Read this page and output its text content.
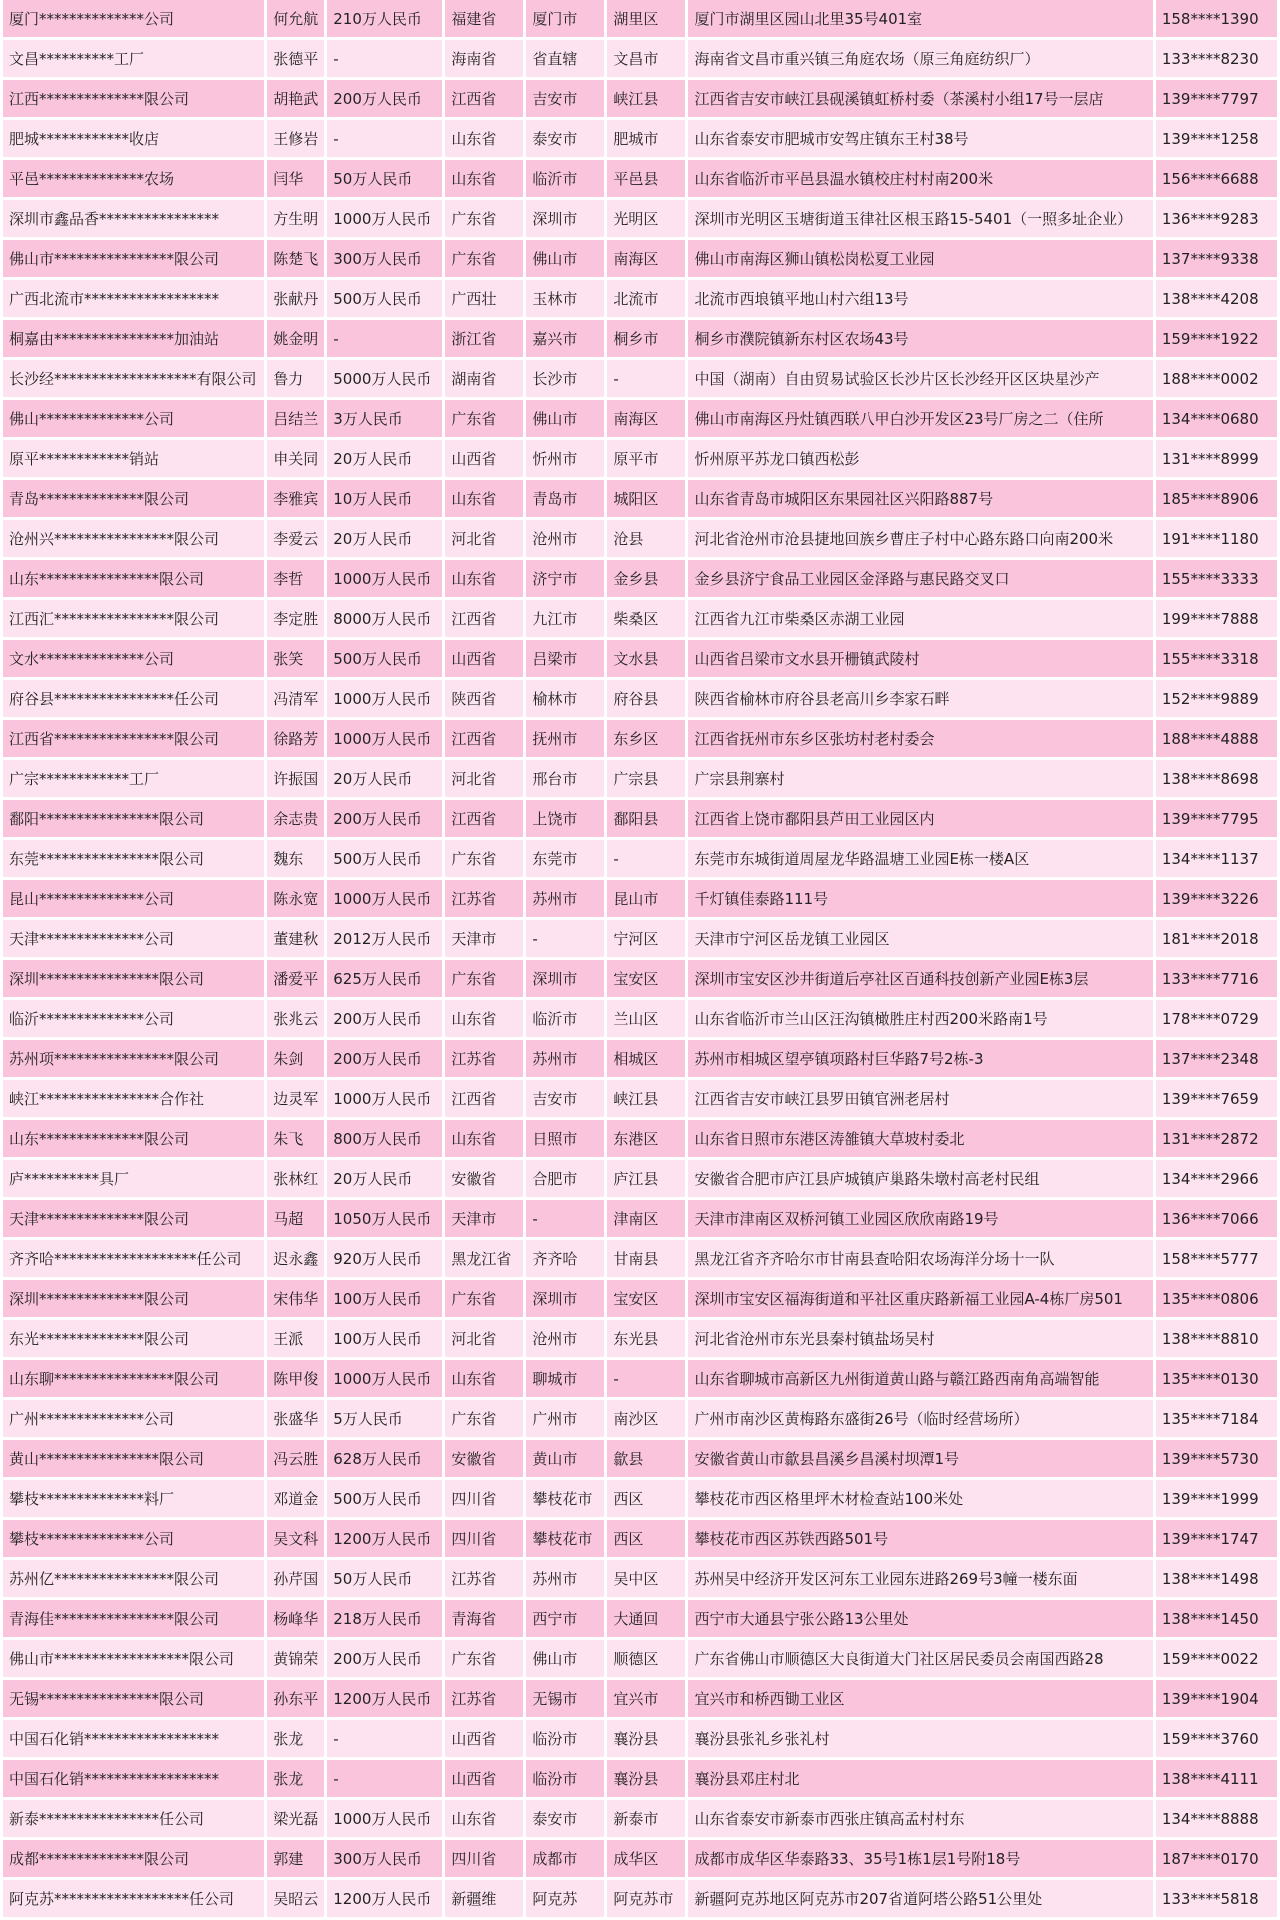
厦门**************公司	何允航	210万人民币	福建省	厦门市	湖里区	厦门市湖里区园山北里35号401室	158****1390
文昌**********工厂	张德平	-	海南省	省直辖	文昌市	海南省文昌市重兴镇三角庭农场（原三角庭纺织厂）	133****8230
江西**************限公司	胡艳武	200万人民币	江西省	吉安市	峡江县	江西省吉安市峡江县砚溪镇虹桥村委（茶溪村小组17号一层店	139****7797
肥城************收店	王修岩	-	山东省	泰安市	肥城市	山东省泰安市肥城市安驾庄镇东王村38号	139****1258
平邑**************农场	闫华	50万人民币	山东省	临沂市	平邑县	山东省临沂市平邑县温水镇校庄村村南200米	156****6688
深圳市鑫品香****************	方生明	1000万人民币	广东省	深圳市	光明区	深圳市光明区玉塘街道玉律社区根玉路15-5401（一照多址企业）	136****9283
佛山市****************限公司	陈楚飞	300万人民币	广东省	佛山市	南海区	佛山市南海区狮山镇松岗松夏工业园	137****9338
广西北流市******************	张献丹	500万人民币	广西壮	玉林市	北流市	北流市西埌镇平地山村六组13号	138****4208
桐嘉由****************加油站	姚金明	-	浙江省	嘉兴市	桐乡市	桐乡市濮院镇新东村区农场43号	159****1922
长沙经*******************有限公司	鲁力	5000万人民币	湖南省	长沙市	-	中国（湖南）自由贸易试验区长沙片区长沙经开区区块星沙产	188****0002
佛山**************公司	吕结兰	3万人民币	广东省	佛山市	南海区	佛山市南海区丹灶镇西联八甲白沙开发区23号厂房之二（住所	134****0680
原平************销站	申关同	20万人民币	山西省	忻州市	原平市	忻州原平苏龙口镇西松彭	131****8999
青岛**************限公司	李雅宾	10万人民币	山东省	青岛市	城阳区	山东省青岛市城阳区东果园社区兴阳路887号	185****8906
沧州兴****************限公司	李爱云	20万人民币	河北省	沧州市	沧县	河北省沧州市沧县捷地回族乡曹庄子村中心路东路口向南200米	191****1180
山东****************限公司	李哲	1000万人民币	山东省	济宁市	金乡县	金乡县济宁食品工业园区金泽路与惠民路交叉口	155****3333
江西汇****************限公司	李定胜	8000万人民币	江西省	九江市	柴桑区	江西省九江市柴桑区赤湖工业园	199****7888
文水**************公司	张笑	500万人民币	山西省	吕梁市	文水县	山西省吕梁市文水县开栅镇武陵村	155****3318
府谷县****************任公司	冯清军	1000万人民币	陕西省	榆林市	府谷县	陕西省榆林市府谷县老高川乡李家石畔	152****9889
江西省****************限公司	徐路芳	1000万人民币	江西省	抚州市	东乡区	江西省抚州市东乡区张坊村老村委会	188****4888
广宗************工厂	许振国	20万人民币	河北省	邢台市	广宗县	广宗县荆寨村	138****8698
鄱阳****************限公司	余志贵	200万人民币	江西省	上饶市	鄱阳县	江西省上饶市鄱阳县芦田工业园区内	139****7795
东莞****************限公司	魏东	500万人民币	广东省	东莞市	-	东莞市东城街道周屋龙华路温塘工业园E栋一楼A区	134****1137
昆山**************公司	陈永宽	1000万人民币	江苏省	苏州市	昆山市	千灯镇佳泰路111号	139****3226
天津**************公司	董建秋	2012万人民币	天津市	-	宁河区	天津市宁河区岳龙镇工业园区	181****2018
深圳****************限公司	潘爱平	625万人民币	广东省	深圳市	宝安区	深圳市宝安区沙井街道后亭社区百通科技创新产业园E栋3层	133****7716
临沂**************公司	张兆云	200万人民币	山东省	临沂市	兰山区	山东省临沂市兰山区汪沟镇橄胜庄村西200米路南1号	178****0729
苏州项****************限公司	朱剑	200万人民币	江苏省	苏州市	相城区	苏州市相城区望亭镇项路村巨华路7号2栋-3	137****2348
峡江****************合作社	边灵军	1000万人民币	江西省	吉安市	峡江县	江西省吉安市峡江县罗田镇官洲老居村	139****7659
山东**************限公司	朱飞	800万人民币	山东省	日照市	东港区	山东省日照市东港区涛雒镇大草坡村委北	131****2872
庐**********具厂	张林红	20万人民币	安徽省	合肥市	庐江县	安徽省合肥市庐江县庐城镇庐巢路朱墩村高老村民组	134****2966
天津**************限公司	马超	1050万人民币	天津市	-	津南区	天津市津南区双桥河镇工业园区欣欣南路19号	136****7066
齐齐哈*******************任公司	迟永鑫	920万人民币	黑龙江省	齐齐哈	甘南县	黑龙江省齐齐哈尔市甘南县查哈阳农场海洋分场十一队	158****5777
深圳**************限公司	宋伟华	100万人民币	广东省	深圳市	宝安区	深圳市宝安区福海街道和平社区重庆路新福工业园A-4栋厂房501	135****0806
东光**************限公司	王派	100万人民币	河北省	沧州市	东光县	河北省沧州市东光县秦村镇盐场吴村	138****8810
山东聊****************限公司	陈甲俊	1000万人民币	山东省	聊城市	-	山东省聊城市高新区九州街道黄山路与赣江路西南角高端智能	135****0130
广州**************公司	张盛华	5万人民币	广东省	广州市	南沙区	广州市南沙区黄梅路东盛街26号（临时经营场所）	135****7184
黄山****************限公司	冯云胜	628万人民币	安徽省	黄山市	歙县	安徽省黄山市歙县昌溪乡昌溪村坝潭1号	139****5730
攀枝**************料厂	邓道金	500万人民币	四川省	攀枝花市	西区	攀枝花市西区格里坪木材检查站100米处	139****1999
攀枝**************公司	吴文科	1200万人民币	四川省	攀枝花市	西区	攀枝花市西区苏铁西路501号	139****1747
苏州亿****************限公司	孙芹国	50万人民币	江苏省	苏州市	吴中区	苏州吴中经济开发区河东工业园东进路269号3幢一楼东面	138****1498
青海佳****************限公司	杨峰华	218万人民币	青海省	西宁市	大通回	西宁市大通县宁张公路13公里处	138****1450
佛山市******************限公司	黄锦荣	200万人民币	广东省	佛山市	顺德区	广东省佛山市顺德区大良街道大门社区居民委员会南国西路28	159****0022
无锡****************限公司	孙东平	1200万人民币	江苏省	无锡市	宜兴市	宜兴市和桥西锄工业区	139****1904
中国石化销******************	张龙	-	山西省	临汾市	襄汾县	襄汾县张礼乡张礼村	159****3760
中国石化销******************	张龙	-	山西省	临汾市	襄汾县	襄汾县邓庄村北	138****4111
新泰****************任公司	梁光磊	1000万人民币	山东省	泰安市	新泰市	山东省泰安市新泰市西张庄镇高孟村村东	134****8888
成都**************限公司	郭建	300万人民币	四川省	成都市	成华区	成都市成华区华泰路33、35号1栋1层1号附18号	187****0170
阿克苏******************任公司	吴昭云	1200万人民币	新疆维	阿克苏	阿克苏市	新疆阿克苏地区阿克苏市207省道阿塔公路51公里处	133****5818
